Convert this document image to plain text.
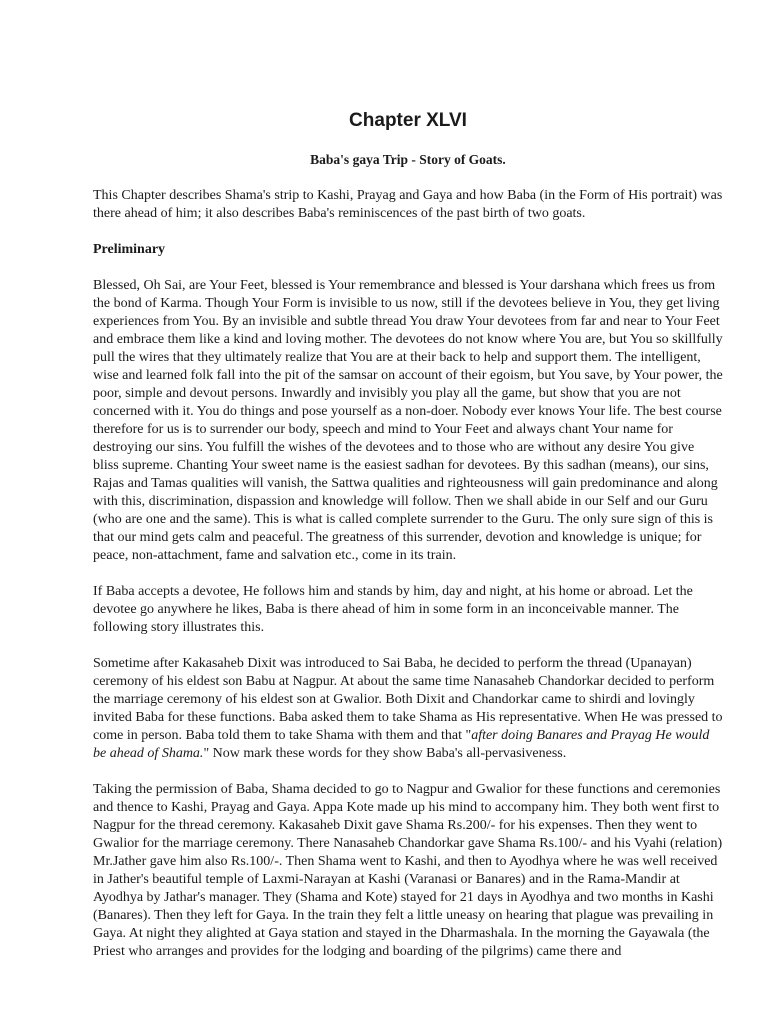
Chapter XLVI
Baba's gaya Trip - Story of Goats.

This Chapter describes Shama's strip to Kashi, Prayag and Gaya and how Baba (in the Form of His portrait) was there ahead of him; it also describes Baba's reminiscences of the past birth of two goats.

Preliminary

Blessed, Oh Sai, are Your Feet, blessed is Your remembrance and blessed is Your darshana which frees us from the bond of Karma. Though Your Form is invisible to us now, still if the devotees believe in You, they get living experiences from You. By an invisible and subtle thread You draw Your devotees from far and near to Your Feet and embrace them like a kind and loving mother. The devotees do not know where You are, but You so skillfully pull the wires that they ultimately realize that You are at their back to help and support them. The intelligent, wise and learned folk fall into the pit of the samsar on account of their egoism, but You save, by Your power, the poor, simple and devout persons. Inwardly and invisibly you play all the game, but show that you are not concerned with it. You do things and pose yourself as a non-doer. Nobody ever knows Your life. The best course therefore for us is to surrender our body, speech and mind to Your Feet and always chant Your name for destroying our sins. You fulfill the wishes of the devotees and to those who are without any desire You give bliss supreme. Chanting Your sweet name is the easiest sadhan for devotees. By this sadhan (means), our sins, Rajas and Tamas qualities will vanish, the Sattwa qualities and righteousness will gain predominance and along with this, discrimination, dispassion and knowledge will follow. Then we shall abide in our Self and our Guru (who are one and the same). This is what is called complete surrender to the Guru. The only sure sign of this is that our mind gets calm and peaceful. The greatness of this surrender, devotion and knowledge is unique; for peace, non-attachment, fame and salvation etc., come in its train.

If Baba accepts a devotee, He follows him and stands by him, day and night, at his home or abroad. Let the devotee go anywhere he likes, Baba is there ahead of him in some form in an inconceivable manner. The following story illustrates this.

Sometime after Kakasaheb Dixit was introduced to Sai Baba, he decided to perform the thread (Upanayan) ceremony of his eldest son Babu at Nagpur. At about the same time Nanasaheb Chandorkar decided to perform the marriage ceremony of his eldest son at Gwalior. Both Dixit and Chandorkar came to shirdi and lovingly invited Baba for these functions. Baba asked them to take Shama as His representative. When He was pressed to come in person. Baba told them to take Shama with them and that "after doing Banares and Prayag He would be ahead of Shama." Now mark these words for they show Baba's all-pervasiveness.

Taking the permission of Baba, Shama decided to go to Nagpur and Gwalior for these functions and ceremonies and thence to Kashi, Prayag and Gaya. Appa Kote made up his mind to accompany him. They both went first to Nagpur for the thread ceremony. Kakasaheb Dixit gave Shama Rs.200/- for his expenses. Then they went to Gwalior for the marriage ceremony. There Nanasaheb Chandorkar gave Shama Rs.100/- and his Vyahi (relation) Mr.Jather gave him also Rs.100/-. Then Shama went to Kashi, and then to Ayodhya where he was well received in Jather's beautiful temple of Laxmi-Narayan at Kashi (Varanasi or Banares) and in the Rama-Mandir at Ayodhya by Jathar's manager. They (Shama and Kote) stayed for 21 days in Ayodhya and two months in Kashi (Banares). Then they left for Gaya. In the train they felt a little uneasy on hearing that plague was prevailing in Gaya. At night they alighted at Gaya station and stayed in the Dharmashala. In the morning the Gayawala (the Priest who arranges and provides for the lodging and boarding of the pilgrims) came there and
